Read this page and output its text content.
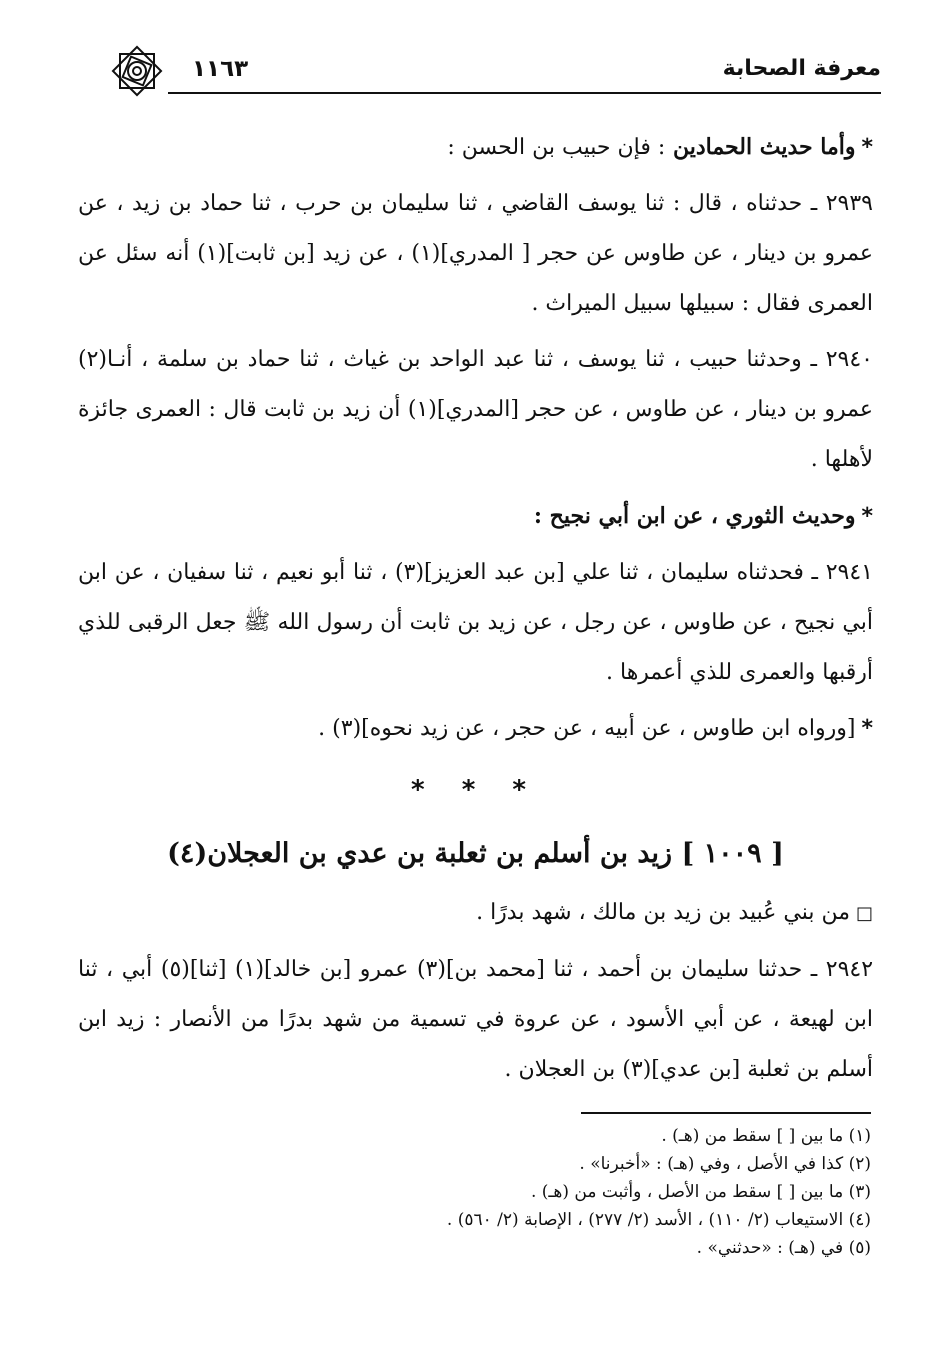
معرفة الصحابة
١١٦٣

*وأما حديث الحمادين : فإن حبيب بن الحسن :

٢٩٣٩ ـ حدثناه ، قال : ثنا يوسف القاضي ، ثنا سليمان بن حرب ، ثنا حماد بن زيد ، عن عمرو بن دينار ، عن طاوس عن حجر [ المدري](١) ، عن زيد [بن ثابت](١) أنه سئل عن العمرى فقال : سبيلها سبيل الميراث .

٢٩٤٠ ـ وحدثنا حبيب ، ثنا يوسف ، ثنا عبد الواحد بن غياث ، ثنا حماد بن سلمة ، أنـا(٢) عمرو بن دينار ، عن طاوس ، عن حجر [المدري](١) أن زيد بن ثابت قال : العمرى جائزة لأهلها .

*وحديث الثوري ، عن ابن أبي نجيح :

٢٩٤١ ـ فحدثناه سليمان ، ثنا علي [بن عبد العزيز](٣) ، ثنا أبو نعيم ، ثنا سفيان ، عن ابن أبي نجيح ، عن طاوس ، عن رجل ، عن زيد بن ثابت أن رسول الله ﷺ جعل الرقبى للذي أرقبها والعمرى للذي أعمرها .

*[ورواه ابن طاوس ، عن أبيه ، عن حجر ، عن زيد نحوه](٣) .

* * *
[ ١٠٠٩ ] زيد بن أسلم بن ثعلبة بن عدي بن العجلان(٤)

□من بني عُبيد بن زيد بن مالك ، شهد بدرًا .

٢٩٤٢ ـ حدثنا سليمان بن أحمد ، ثنا [محمد بن](٣) عمرو [بن خالد](١) [ثنا](٥) أبي ، ثنا ابن لهيعة ، عن أبي الأسود ، عن عروة في تسمية من شهد بدرًا من الأنصار : زيد ابن أسلم بن ثعلبة [بن عدي](٣) بن العجلان .

(١) ما بين [ ] سقط من (هـ) .

(٢) كذا في الأصل ، وفي (هـ) : «أخبرنا» .

(٣) ما بين [ ] سقط من الأصل ، وأثبت من (هـ) .

(٤) الاستيعاب (٢/ ١١٠) ، الأسد (٢/ ٢٧٧) ، الإصابة (٢/ ٥٦٠) .

(٥) في (هـ) : «حدثني» .
